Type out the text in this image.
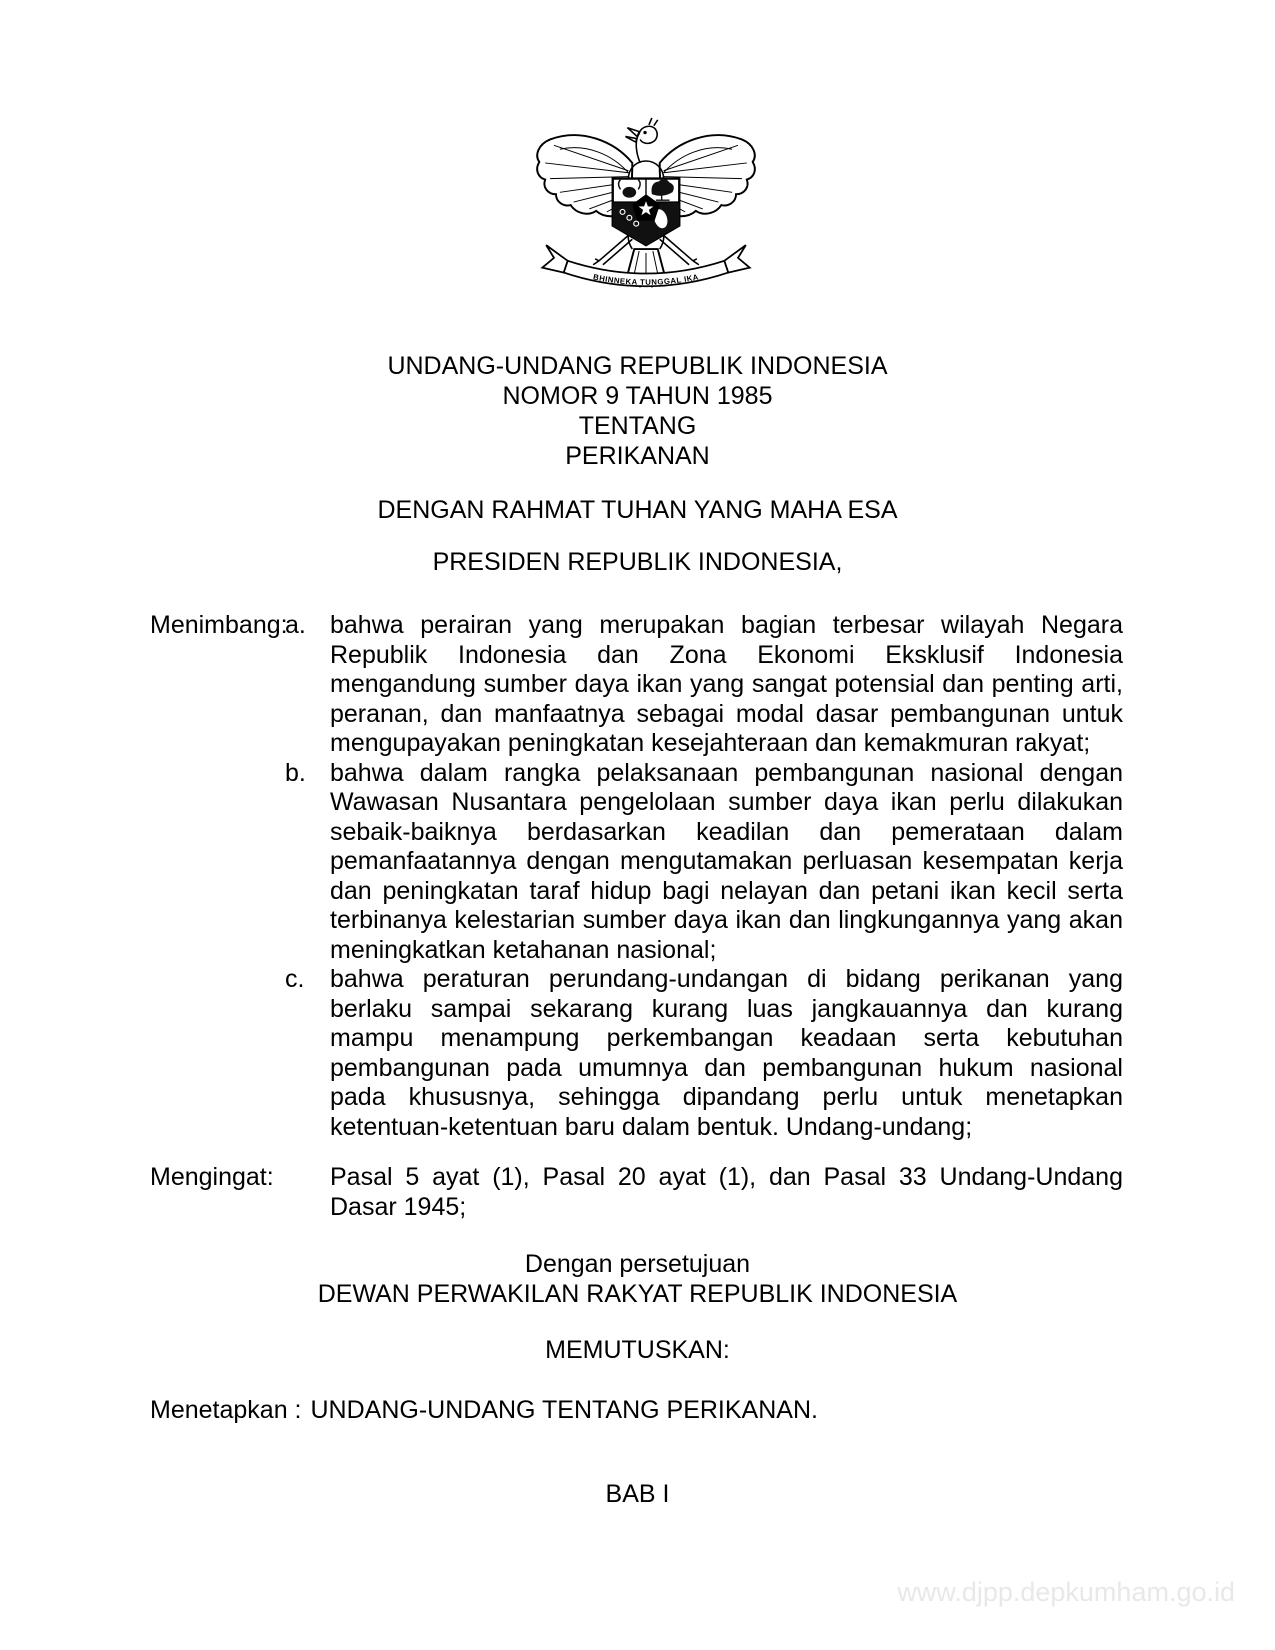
BHINNEKA TUNGGAL IKA
UNDANG-UNDANG REPUBLIK INDONESIA
NOMOR 9 TAHUN 1985
TENTANG
PERIKANAN
DENGAN RAHMAT TUHAN YANG MAHA ESA
PRESIDEN REPUBLIK INDONESIA,
Menimbang:
a. bahwa perairan yang merupakan bagian terbesar wilayah Negara Republik Indonesia dan Zona Ekonomi Eksklusif Indonesia mengandung sumber daya ikan yang sangat potensial dan penting arti, peranan, dan manfaatnya sebagai modal dasar pembangunan untuk mengupayakan peningkatan kesejahteraan dan kemakmuran rakyat;

b. bahwa dalam rangka pelaksanaan pembangunan nasional dengan Wawasan Nusantara pengelolaan sumber daya ikan perlu dilakukan sebaik-baiknya berdasarkan keadilan dan pemerataan dalam pemanfaatannya dengan mengutamakan perluasan kesempatan kerja dan peningkatan taraf hidup bagi nelayan dan petani ikan kecil serta terbinanya kelestarian sumber daya ikan dan lingkungannya yang akan meningkatkan ketahanan nasional;

c.	bahwa peraturan perundang-undangan di bidang perikanan yang berlaku sampai sekarang kurang luas jangkauannya dan kurang mampu menampung perkembangan keadaan serta kebutuhan pembangunan pada umumnya dan pembangunan hukum nasional pada khususnya, sehingga dipandang perlu untuk menetapkan ketentuan-ketentuan baru dalam bentuk. Undang-undang;

Mengingat:	Pasal 5 ayat (1), Pasal 20 ayat (1), dan Pasal 33 Undang-Undang Dasar 1945;

Dengan persetujuan
DEWAN PERWAKILAN RAKYAT REPUBLIK INDONESIA
MEMUTUSKAN:
Menetapkan : UNDANG-UNDANG TENTANG PERIKANAN.
BAB I
www.djpp.depkumham.go.id
